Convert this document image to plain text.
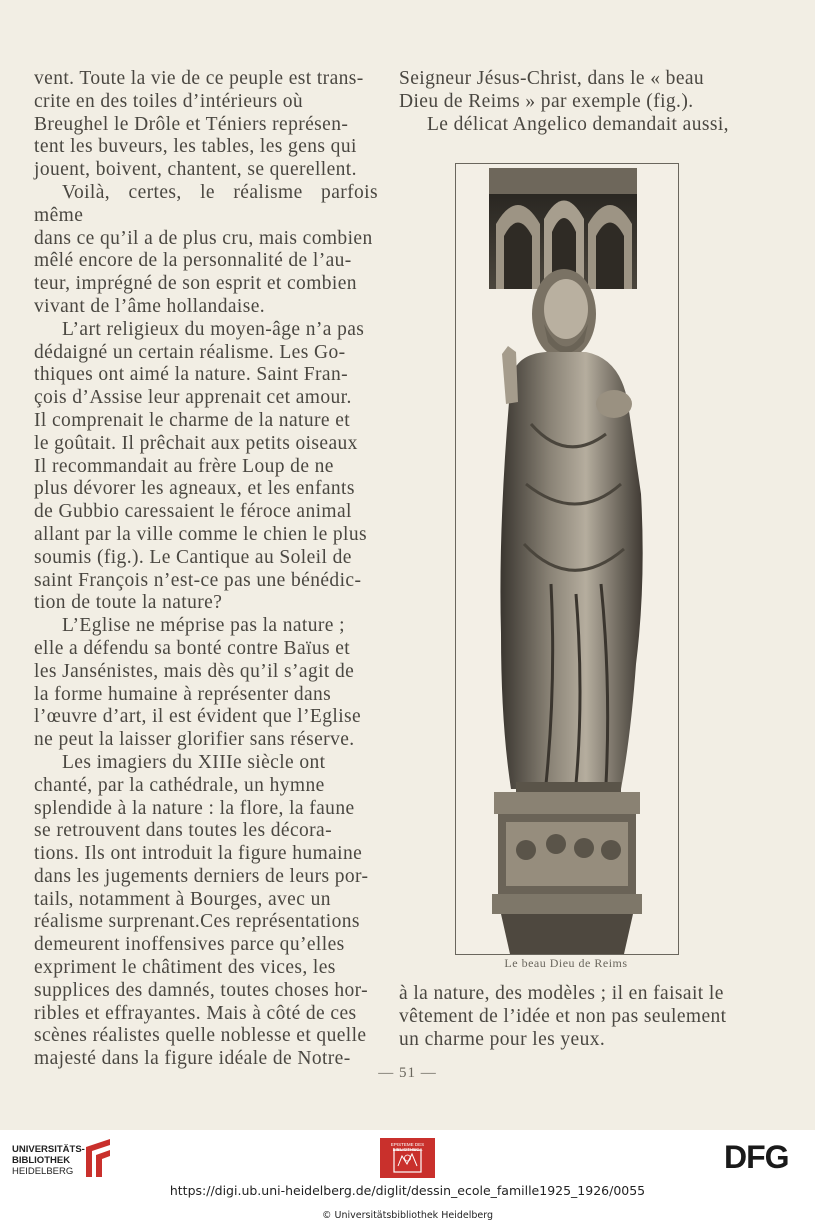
vent. Toute la vie de ce peuple est trans-

crite en des toiles d’intérieurs où

Breughel le Drôle et Téniers représen-

tent les buveurs, les tables, les gens qui

jouent, boivent, chantent, se querellent.

Voilà, certes, le réalisme parfois même

dans ce qu’il a de plus cru, mais combien

mêlé encore de la personnalité de l’au-

teur, imprégné de son esprit et combien

vivant de l’âme hollandaise.

L’art religieux du moyen-âge n’a pas

dédaigné un certain réalisme. Les Go-

thiques ont aimé la nature. Saint Fran-

çois d’Assise leur apprenait cet amour.

Il comprenait le charme de la nature et

le goûtait. Il prêchait aux petits oiseaux

Il recommandait au frère Loup de ne

plus dévorer les agneaux, et les enfants

de Gubbio caressaient le féroce animal

allant par la ville comme le chien le plus

soumis (fig.). Le Cantique au Soleil de

saint François n’est-ce pas une bénédic-

tion de toute la nature?

L’Eglise ne méprise pas la nature ;

elle a défendu sa bonté contre Baïus et

les Jansénistes, mais dès qu’il s’agit de

la forme humaine à représenter dans

l’œuvre d’art, il est évident que l’Eglise

ne peut la laisser glorifier sans réserve.

Les imagiers du XIIIe siècle ont

chanté, par la cathédrale, un hymne

splendide à la nature : la flore, la faune

se retrouvent dans toutes les décora-

tions. Ils ont introduit la figure humaine

dans les jugements derniers de leurs por-

tails, notamment à Bourges, avec un

réalisme surprenant.Ces représentations

demeurent inoffensives parce qu’elles

expriment le châtiment des vices, les

supplices des damnés, toutes choses hor-

ribles et effrayantes. Mais à côté de ces

scènes réalistes quelle noblesse et quelle

majesté dans la figure idéale de Notre-

Seigneur Jésus-Christ, dans le « beau

Dieu de Reims » par exemple (fig.).

Le délicat Angelico demandait aussi,

Le beau Dieu de Reims

à la nature, des modèles ; il en faisait le

vêtement de l’idée et non pas seulement

un charme pour les yeux.

— 51 —
UNIVERSITÄTS-
BIBLIOTHEK
HEIDELBERG
EPISTEME DES BIBLIOTHECA	DFG
https://digi.ub.uni-heidelberg.de/diglit/dessin_ecole_famille1925_1926/0055
© Universitätsbibliothek Heidelberg
